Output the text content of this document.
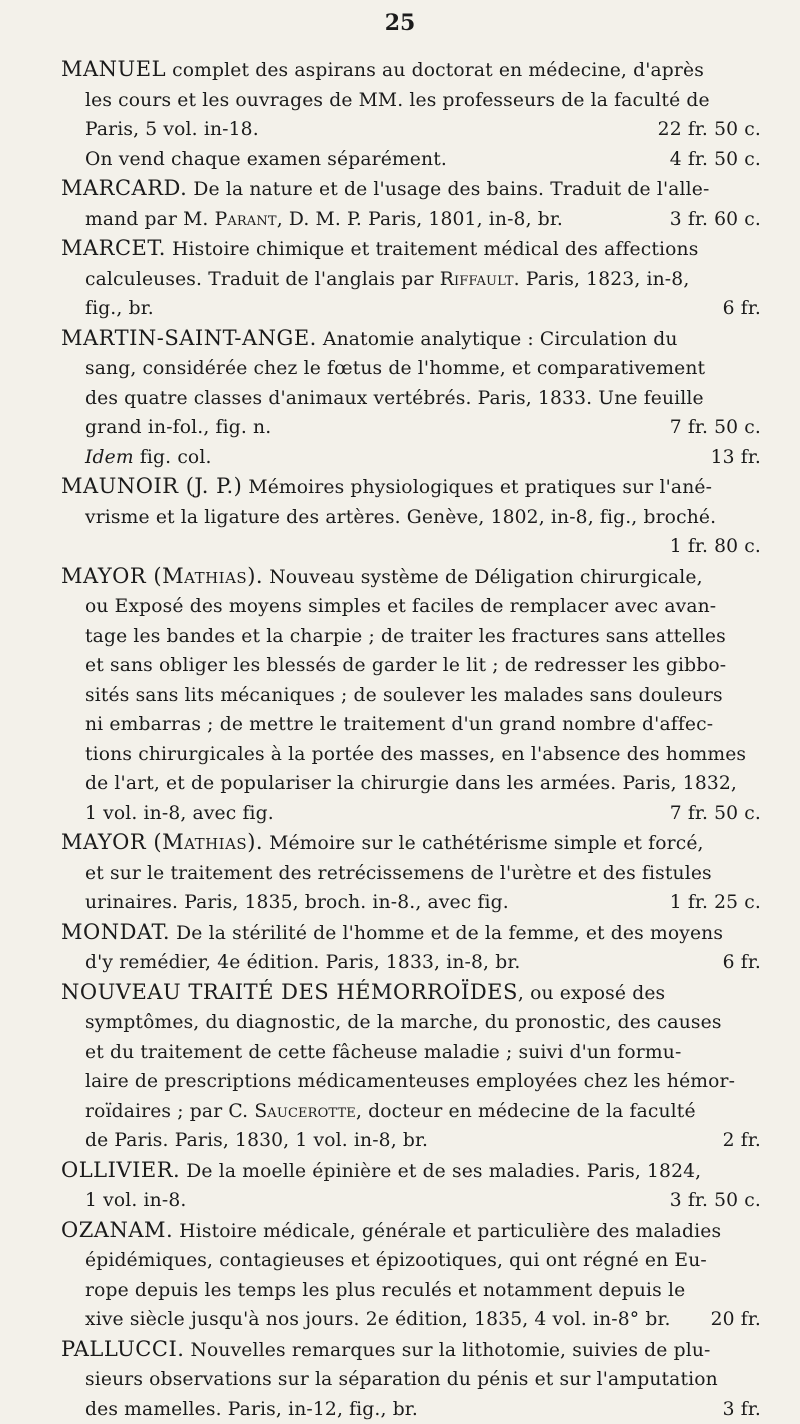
25
MANUEL complet des aspirans au doctorat en médecine, d'après
les cours et les ouvrages de MM. les professeurs de la faculté de
Paris, 5 vol. in-18.	22 fr. 50 c.
On vend chaque examen séparément.	4 fr. 50 c.
MARCARD. De la nature et de l'usage des bains. Traduit de l'alle-
mand par M. Parant, D. M. P. Paris, 1801, in-8, br.	3 fr. 60 c.
MARCET. Histoire chimique et traitement médical des affections
calculeuses. Traduit de l'anglais par Riffault. Paris, 1823, in-8,
fig., br.	6 fr.
MARTIN-SAINT-ANGE. Anatomie analytique : Circulation du
sang, considérée chez le fœtus de l'homme, et comparativement
des quatre classes d'animaux vertébrés. Paris, 1833. Une feuille
grand in-fol., fig. n.	7 fr. 50 c.
Idem fig. col.	13 fr.
MAUNOIR (J. P.) Mémoires physiologiques et pratiques sur l'ané-
vrisme et la ligature des artères. Genève, 1802, in-8, fig., broché.
1 fr. 80 c.
MAYOR (Mathias). Nouveau système de Déligation chirurgicale,
ou Exposé des moyens simples et faciles de remplacer avec avan-
tage les bandes et la charpie ; de traiter les fractures sans attelles
et sans obliger les blessés de garder le lit ; de redresser les gibbo-
sités sans lits mécaniques ; de soulever les malades sans douleurs
ni embarras ; de mettre le traitement d'un grand nombre d'affec-
tions chirurgicales à la portée des masses, en l'absence des hommes
de l'art, et de populariser la chirurgie dans les armées. Paris, 1832,
1 vol. in-8, avec fig.	7 fr. 50 c.
MAYOR (Mathias). Mémoire sur le cathétérisme simple et forcé,
et sur le traitement des retrécissemens de l'urètre et des fistules
urinaires. Paris, 1835, broch. in-8., avec fig.	1 fr. 25 c.
MONDAT. De la stérilité de l'homme et de la femme, et des moyens
d'y remédier, 4e édition. Paris, 1833, in-8, br.	6 fr.
NOUVEAU TRAITÉ DES HÉMORROÏDES, ou exposé des
symptômes, du diagnostic, de la marche, du pronostic, des causes
et du traitement de cette fâcheuse maladie ; suivi d'un formu-
laire de prescriptions médicamenteuses employées chez les hémor-
roïdaires ; par C. Saucerotte, docteur en médecine de la faculté
de Paris. Paris, 1830, 1 vol. in-8, br.	2 fr.
OLLIVIER. De la moelle épinière et de ses maladies. Paris, 1824,
1 vol. in-8.	3 fr. 50 c.
OZANAM. Histoire médicale, générale et particulière des maladies
épidémiques, contagieuses et épizootiques, qui ont régné en Eu-
rope depuis les temps les plus reculés et notamment depuis le
xive siècle jusqu'à nos jours. 2e édition, 1835, 4 vol. in-8° br. 20 fr.
PALLUCCI. Nouvelles remarques sur la lithotomie, suivies de plu-
sieurs observations sur la séparation du pénis et sur l'amputation
des mamelles. Paris, in-12, fig., br.	3 fr.
